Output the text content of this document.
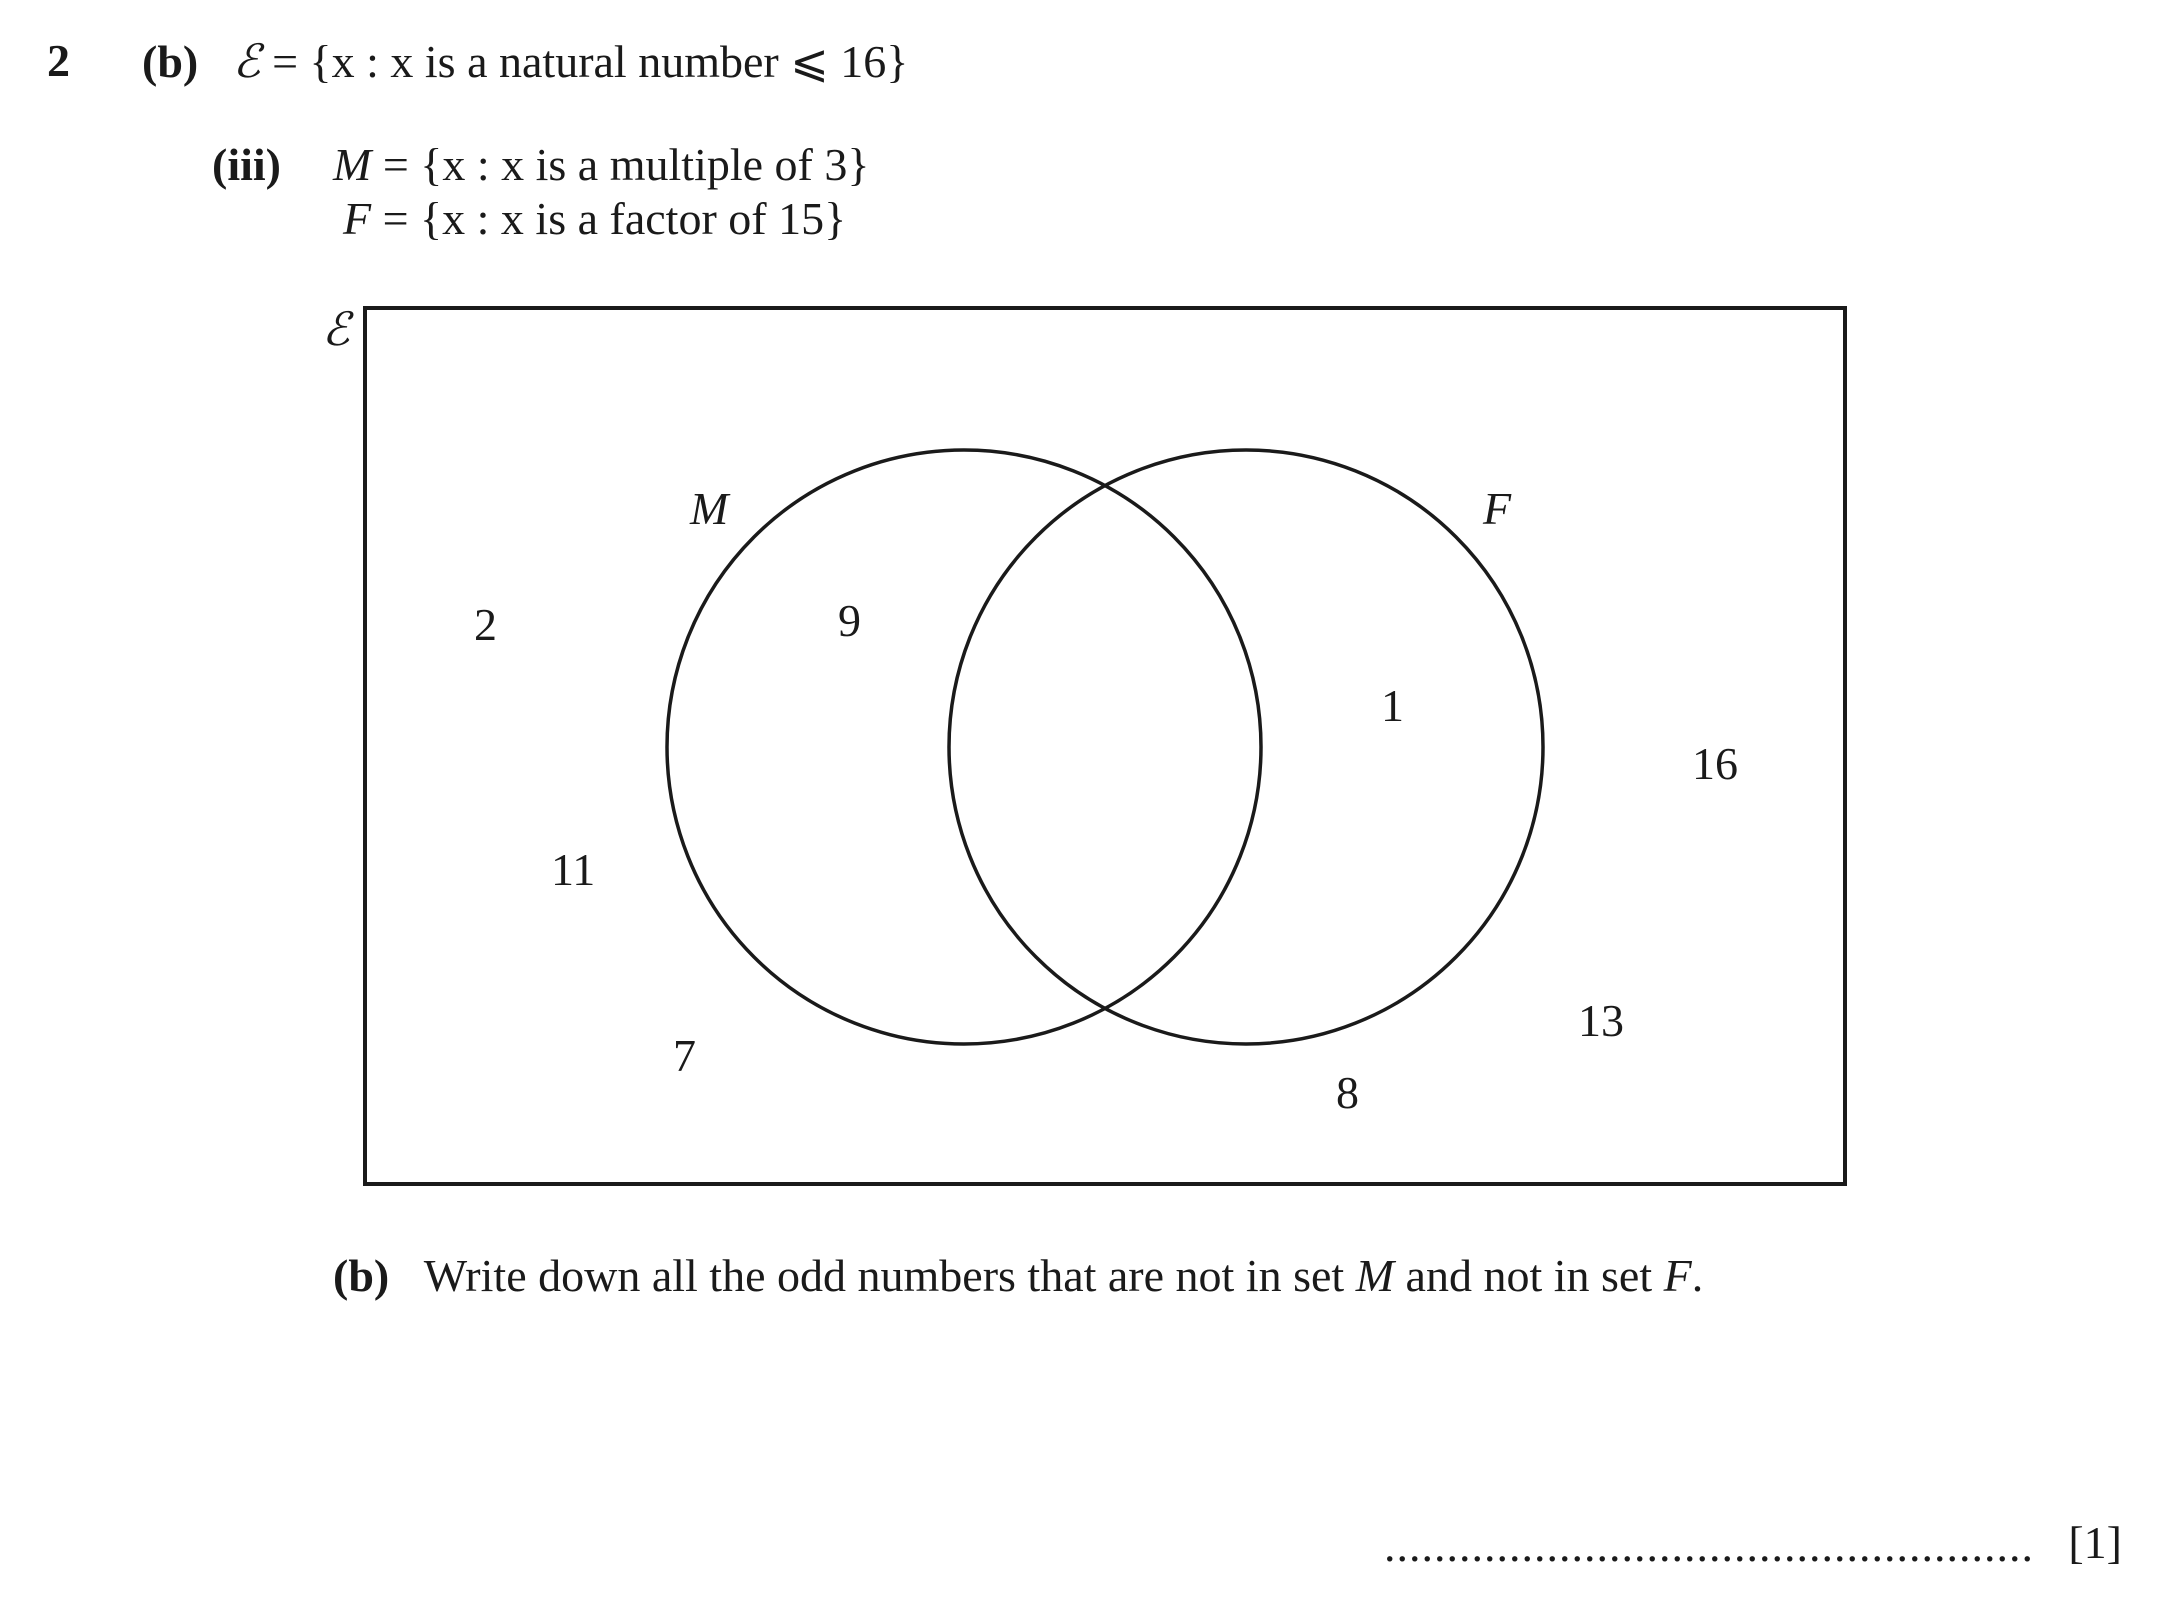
2 (b) ℰ = {x : x is a natural number ⩽ 16}
(iii) M = {x : x is a multiple of 3}
F = {x : x is a factor of 15}
ℰ
M	F
9
1
2
11
7
8
13
16
(b) Write down all the odd numbers that are not in set M and not in set F.
.................................................... [1]
